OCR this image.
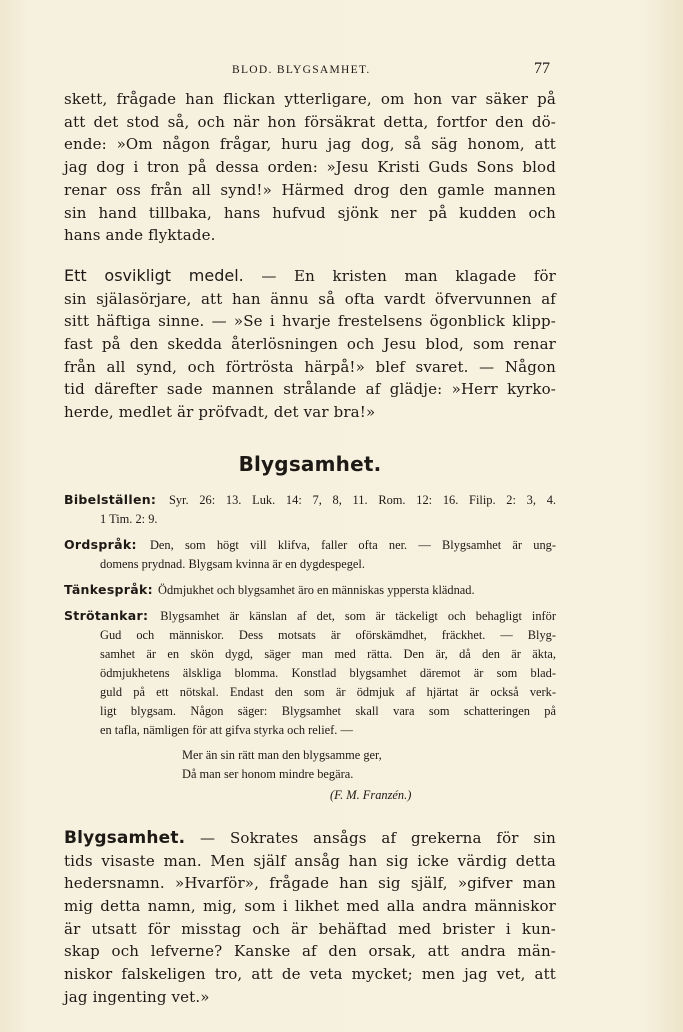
BLOD. BLYGSAMHET.	77

skett, frågade han flickan ytterligare, om hon var säker på
att det stod så, och när hon försäkrat detta, fortfor den dö-
ende: »Om någon frågar, huru jag dog, så säg honom, att
jag dog i tron på dessa orden: »Jesu Kristi Guds Sons blod
renar oss från all synd!» Härmed drog den gamle mannen
sin hand tillbaka, hans hufvud sjönk ner på kudden och
hans ande flyktade.

Ett osvikligt medel. — En kristen man klagade för
sin själasörjare, att han ännu så ofta vardt öfvervunnen af
sitt häftiga sinne. — »Se i hvarje frestelsens ögonblick klipp-
fast på den skedda återlösningen och Jesu blod, som renar
från all synd, och förtrösta härpå!» blef svaret. — Någon
tid därefter sade mannen strålande af glädje: »Herr kyrko-
herde, medlet är pröfvadt, det var bra!»

Blygsamhet.
Bibelställen: Syr. 26: 13. Luk. 14: 7, 8, 11. Rom. 12: 16. Filip. 2: 3, 4.
1 Tim. 2: 9.
Ordspråk: Den, som högt vill klifva, faller ofta ner. — Blygsamhet är ung-
domens prydnad. Blygsam kvinna är en dygdespegel.
Tänkespråk: Ödmjukhet och blygsamhet äro en människas yppersta klädnad.
Strötankar: Blygsamhet är känslan af det, som är täckeligt och behagligt inför
Gud och människor. Dess motsats är oförskämdhet, fräckhet. — Blyg-
samhet är en skön dygd, säger man med rätta. Den är, då den är äkta,
ödmjukhetens älskliga blomma. Konstlad blygsamhet däremot är som blad-
guld på ett nötskal. Endast den som är ödmjuk af hjärtat är också verk-
ligt blygsam. Någon säger: Blygsamhet skall vara som schatteringen på
en tafla, nämligen för att gifva styrka och relief. —
Mer än sin rätt man den blygsamme ger,
Då man ser honom mindre begära.
(F. M. Franzén.)

Blygsamhet. — Sokrates ansågs af grekerna för sin
tids visaste man. Men själf ansåg han sig icke värdig detta
hedersnamn. »Hvarför», frågade han sig själf, »gifver man
mig detta namn, mig, som i likhet med alla andra människor
är utsatt för misstag och är behäftad med brister i kun-
skap och lefverne? Kanske af den orsak, att andra män-
niskor falskeligen tro, att de veta mycket; men jag vet, att
jag ingenting vet.»
